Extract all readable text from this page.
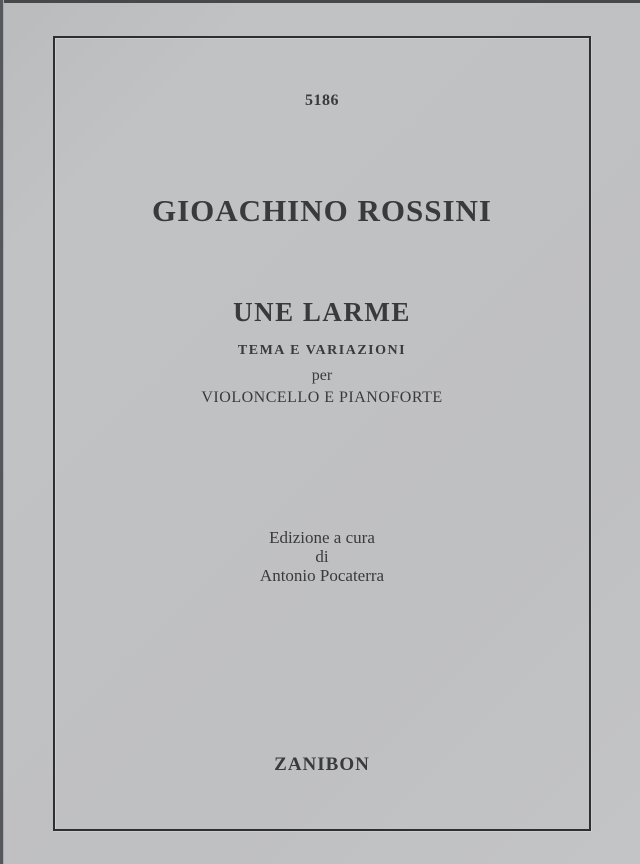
5186
GIOACHINO ROSSINI
UNE LARME
TEMA E VARIAZIONI
per
VIOLONCELLO E PIANOFORTE
Edizione a cura
di
Antonio Pocaterra
ZANIBON
